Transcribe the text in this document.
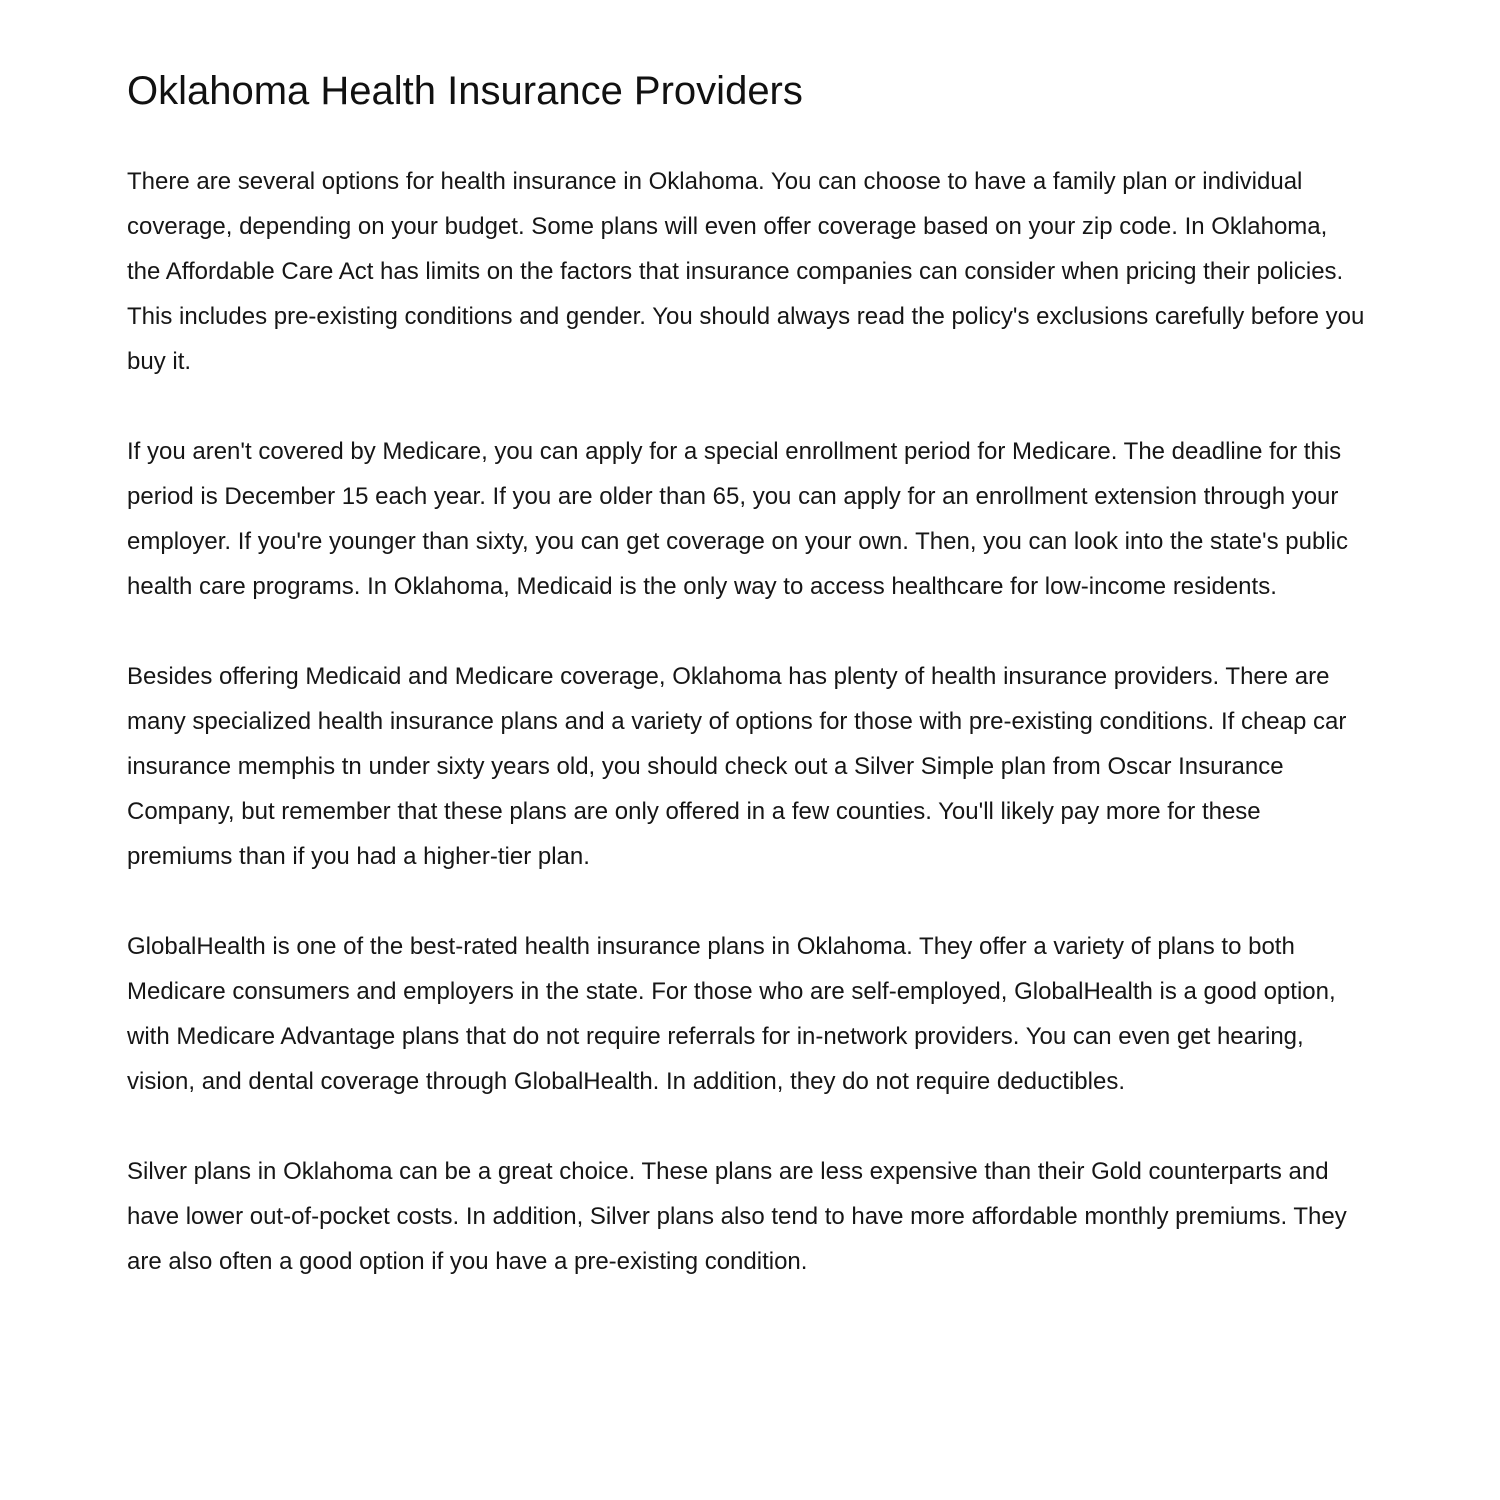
Oklahoma Health Insurance Providers

There are several options for health insurance in Oklahoma. You can choose to have a family plan or individual coverage, depending on your budget. Some plans will even offer coverage based on your zip code. In Oklahoma, the Affordable Care Act has limits on the factors that insurance companies can consider when pricing their policies. This includes pre-existing conditions and gender. You should always read the policy's exclusions carefully before you buy it.

If you aren't covered by Medicare, you can apply for a special enrollment period for Medicare. The deadline for this period is December 15 each year. If you are older than 65, you can apply for an enrollment extension through your employer. If you're younger than sixty, you can get coverage on your own. Then, you can look into the state's public health care programs. In Oklahoma, Medicaid is the only way to access healthcare for low-income residents.

Besides offering Medicaid and Medicare coverage, Oklahoma has plenty of health insurance providers. There are many specialized health insurance plans and a variety of options for those with pre-existing conditions. If cheap car insurance memphis tn under sixty years old, you should check out a Silver Simple plan from Oscar Insurance Company, but remember that these plans are only offered in a few counties. You'll likely pay more for these premiums than if you had a higher-tier plan.

GlobalHealth is one of the best-rated health insurance plans in Oklahoma. They offer a variety of plans to both Medicare consumers and employers in the state. For those who are self-employed, GlobalHealth is a good option, with Medicare Advantage plans that do not require referrals for in-network providers. You can even get hearing, vision, and dental coverage through GlobalHealth. In addition, they do not require deductibles.

Silver plans in Oklahoma can be a great choice. These plans are less expensive than their Gold counterparts and have lower out-of-pocket costs. In addition, Silver plans also tend to have more affordable monthly premiums. They are also often a good option if you have a pre-existing condition.
